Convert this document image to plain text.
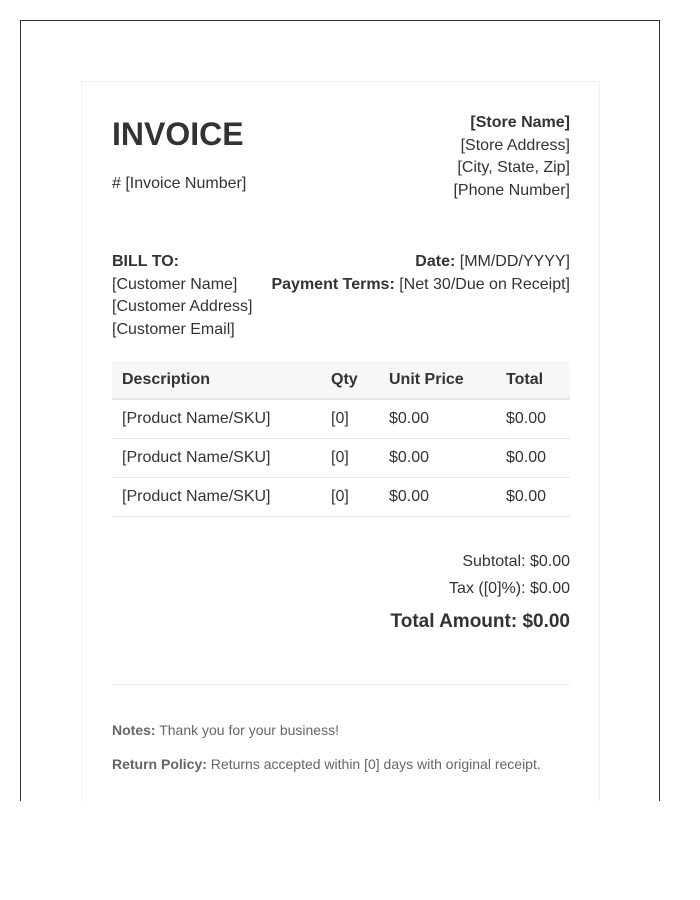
INVOICE
# [Invoice Number]
[Store Name]
[Store Address]
[City, State, Zip]
[Phone Number]
BILL TO:
[Customer Name]
[Customer Address]
[Customer Email]
Date: [MM/DD/YYYY]
Payment Terms: [Net 30/Due on Receipt]
Description	Qty	Unit Price	Total
[Product Name/SKU]	[0]	$0.00	$0.00
[Product Name/SKU]	[0]	$0.00	$0.00
[Product Name/SKU]	[0]	$0.00	$0.00
Subtotal: $0.00
Tax ([0]%): $0.00
Total Amount: $0.00
Notes: Thank you for your business!
Return Policy: Returns accepted within [0] days with original receipt.
